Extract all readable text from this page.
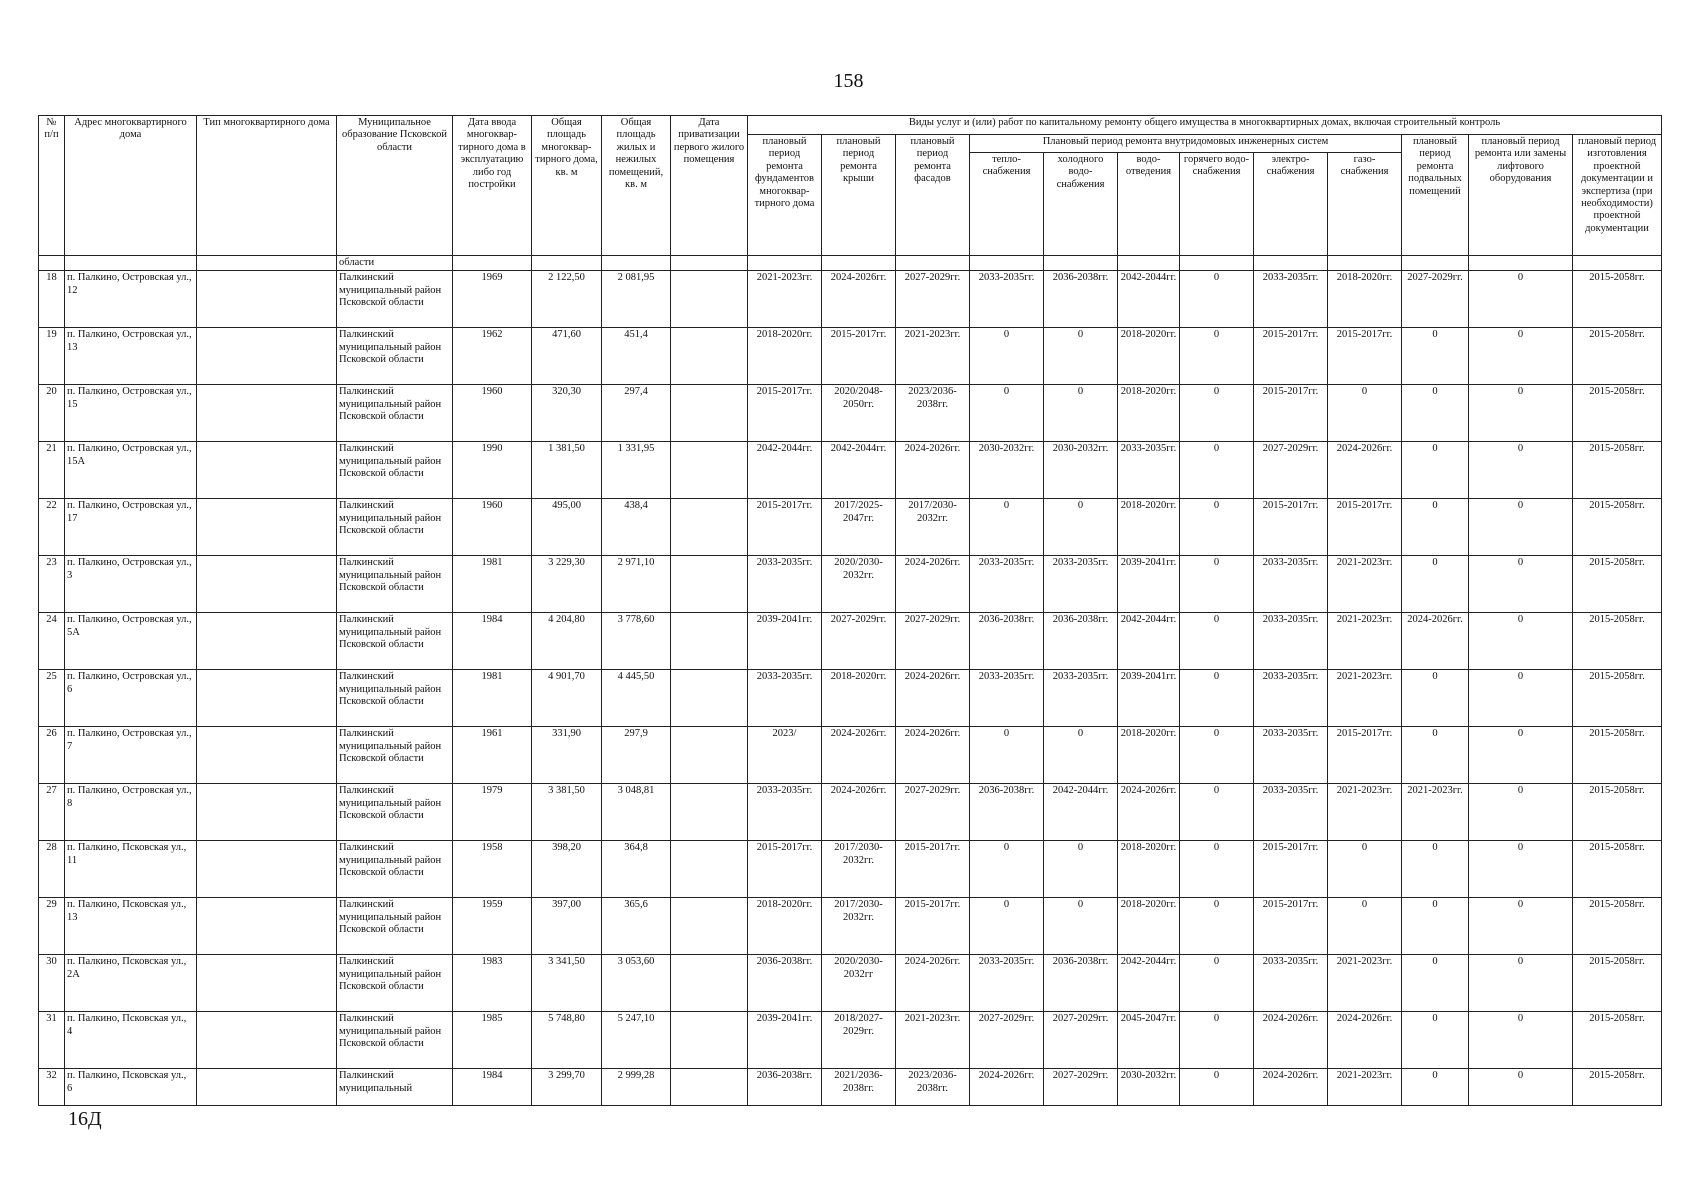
158
№ п/п	Адрес многоквартирного дома	Тип многоквартирного дома	Муниципальное образование Псковской области	Дата ввода многоквар-тирного дома в эксплуатацию либо год постройки	Общая площадь многоквар-тирного дома, кв. м	Общая площадь жилых и нежилых помещений, кв. м	Дата приватизации первого жилого помещения	Виды услуг и (или) работ по капитальному ремонту общего имущества в многоквартирных домах, включая строительный контроль											
								плановый период ремонта фундаментов многоквар-тирного дома	плановый период ремонта крыши	плановый период ремонта фасадов	Плановый период ремонта внутридомовых инженерных систем						плановый период ремонта подвальных помещений	плановый период ремонта или замены лифтового оборудования	плановый период изготовления проектной документации и экспертиза (при необходимости) проектной документации
											тепло-снабжения	холодного водо-снабжения	водо-отведения	горячего водо-снабжения	электро-снабжения	газо-снабжения			
			области																
18	п. Палкино, Островская ул., 12		Палкинский муниципальный район Псковской области	1969	2 122,50	2 081,95		2021-2023гг.	2024-2026гг.	2027-2029гг.	2033-2035гг.	2036-2038гг.	2042-2044гг.	0	2033-2035гг.	2018-2020гг.	2027-2029гг.	0	2015-2058гг.
19	п. Палкино, Островская ул., 13		Палкинский муниципальный район Псковской области	1962	471,60	451,4		2018-2020гг.	2015-2017гг.	2021-2023гг.	0	0	2018-2020гг.	0	2015-2017гг.	2015-2017гг.	0	0	2015-2058гг.
20	п. Палкино, Островская ул., 15		Палкинский муниципальный район Псковской области	1960	320,30	297,4		2015-2017гг.	2020/2048-2050гг.	2023/2036-2038гг.	0	0	2018-2020гг.	0	2015-2017гг.	0	0	0	2015-2058гг.
21	п. Палкино, Островская ул., 15А		Палкинский муниципальный район Псковской области	1990	1 381,50	1 331,95		2042-2044гг.	2042-2044гг.	2024-2026гг.	2030-2032гг.	2030-2032гг.	2033-2035гг.	0	2027-2029гг.	2024-2026гг.	0	0	2015-2058гг.
22	п. Палкино, Островская ул., 17		Палкинский муниципальный район Псковской области	1960	495,00	438,4		2015-2017гг.	2017/2025-2047гг.	2017/2030-2032гг.	0	0	2018-2020гг.	0	2015-2017гг.	2015-2017гг.	0	0	2015-2058гг.
23	п. Палкино, Островская ул., 3		Палкинский муниципальный район Псковской области	1981	3 229,30	2 971,10		2033-2035гг.	2020/2030-2032гг.	2024-2026гг.	2033-2035гг.	2033-2035гг.	2039-2041гг.	0	2033-2035гг.	2021-2023гг.	0	0	2015-2058гг.
24	п. Палкино, Островская ул., 5А		Палкинский муниципальный район Псковской области	1984	4 204,80	3 778,60		2039-2041гг.	2027-2029гг.	2027-2029гг.	2036-2038гг.	2036-2038гг.	2042-2044гг.	0	2033-2035гг.	2021-2023гг.	2024-2026гг.	0	2015-2058гг.
25	п. Палкино, Островская ул., 6		Палкинский муниципальный район Псковской области	1981	4 901,70	4 445,50		2033-2035гг.	2018-2020гг.	2024-2026гг.	2033-2035гг.	2033-2035гг.	2039-2041гг.	0	2033-2035гг.	2021-2023гг.	0	0	2015-2058гг.
26	п. Палкино, Островская ул., 7		Палкинский муниципальный район Псковской области	1961	331,90	297,9		2023/	2024-2026гг.	2024-2026гг.	0	0	2018-2020гг.	0	2033-2035гг.	2015-2017гг.	0	0	2015-2058гг.
27	п. Палкино, Островская ул., 8		Палкинский муниципальный район Псковской области	1979	3 381,50	3 048,81		2033-2035гг.	2024-2026гг.	2027-2029гг.	2036-2038гг.	2042-2044гг.	2024-2026гг.	0	2033-2035гг.	2021-2023гг.	2021-2023гг.	0	2015-2058гг.
28	п. Палкино, Псковская ул., 11		Палкинский муниципальный район Псковской области	1958	398,20	364,8		2015-2017гг.	2017/2030-2032гг.	2015-2017гг.	0	0	2018-2020гг.	0	2015-2017гг.	0	0	0	2015-2058гг.
29	п. Палкино, Псковская ул., 13		Палкинский муниципальный район Псковской области	1959	397,00	365,6		2018-2020гг.	2017/2030-2032гг.	2015-2017гг.	0	0	2018-2020гг.	0	2015-2017гг.	0	0	0	2015-2058гг.
30	п. Палкино, Псковская ул., 2А		Палкинский муниципальный район Псковской области	1983	3 341,50	3 053,60		2036-2038гг.	2020/2030-2032гг	2024-2026гг.	2033-2035гг.	2036-2038гг.	2042-2044гг.	0	2033-2035гг.	2021-2023гг.	0	0	2015-2058гг.
31	п. Палкино, Псковская ул., 4		Палкинский муниципальный район Псковской области	1985	5 748,80	5 247,10		2039-2041гг.	2018/2027-2029гг.	2021-2023гг.	2027-2029гг.	2027-2029гг.	2045-2047гг.	0	2024-2026гг.	2024-2026гг.	0	0	2015-2058гг.
32	п. Палкино, Псковская ул., 6		Палкинский муниципальный	1984	3 299,70	2 999,28		2036-2038гг.	2021/2036-2038гг.	2023/2036-2038гг.	2024-2026гг.	2027-2029гг.	2030-2032гг.	0	2024-2026гг.	2021-2023гг.	0	0	2015-2058гг.
16Д
